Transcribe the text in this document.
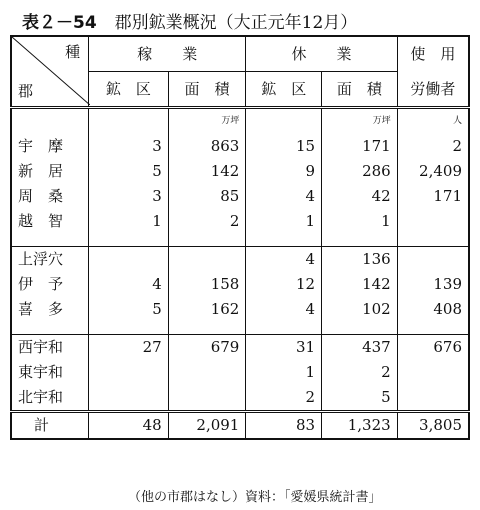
表２－54 郡別鉱業概況（大正元年12月）
種
郡	稼　　業		休　　業		使　用
	鉱　区	面　積	鉱　区	面　積	労働者
		万坪		万坪	人
宇　摩	3	863	15	171	2
新　居	5	142	9	286	2,409
周　桑	3	85	4	42	171
越　智	1	2	1	1	

上浮穴			4	136	
伊　予	4	158	12	142	139
喜　多	5	162	4	102	408

西宇和	27	679	31	437	676
東宇和			1	2	
北宇和			2	5	
計	48	2,091	83	1,323	3,805
（他の市郡はなし）資料：「愛媛県統計書」
